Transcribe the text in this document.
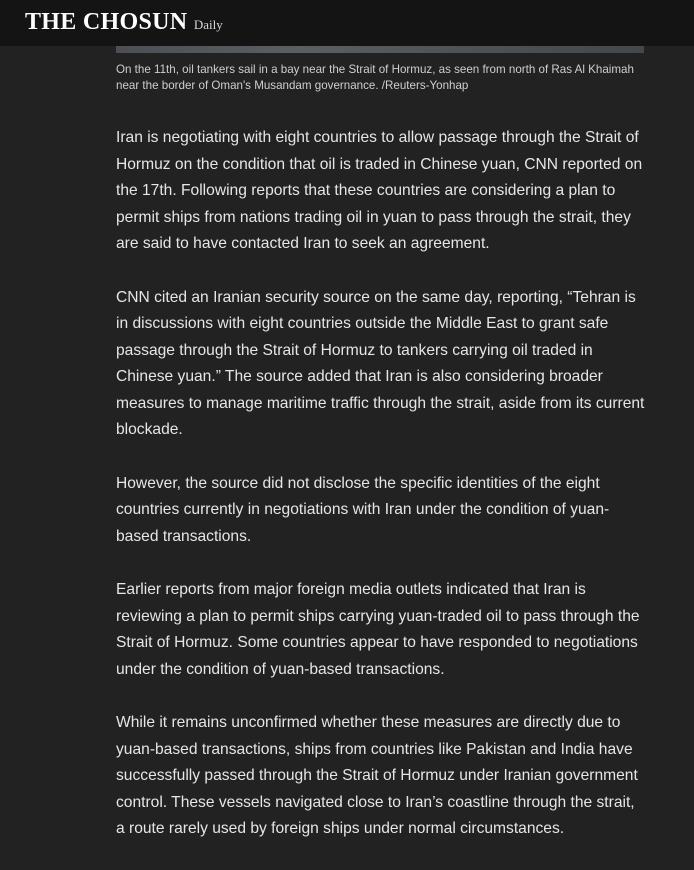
THE CHOSUN Daily

On the 11th, oil tankers sail in a bay near the Strait of Hormuz, as seen from north of Ras Al Khaimah near the border of Oman's Musandam governance. /Reuters-Yonhap

Iran is negotiating with eight countries to allow passage through the Strait of Hormuz on the condition that oil is traded in Chinese yuan, CNN reported on the 17th. Following reports that these countries are considering a plan to permit ships from nations trading oil in yuan to pass through the strait, they are said to have contacted Iran to seek an agreement.

CNN cited an Iranian security source on the same day, reporting, “Tehran is in discussions with eight countries outside the Middle East to grant safe passage through the Strait of Hormuz to tankers carrying oil traded in Chinese yuan.” The source added that Iran is also considering broader measures to manage maritime traffic through the strait, aside from its current blockade.

However, the source did not disclose the specific identities of the eight countries currently in negotiations with Iran under the condition of yuan-based transactions.

Earlier reports from major foreign media outlets indicated that Iran is reviewing a plan to permit ships carrying yuan-traded oil to pass through the Strait of Hormuz. Some countries appear to have responded to negotiations under the condition of yuan-based transactions.

While it remains unconfirmed whether these measures are directly due to yuan-based transactions, ships from countries like Pakistan and India have successfully passed through the Strait of Hormuz under Iranian government control. These vessels navigated close to Iran’s coastline through the strait, a route rarely used by foreign ships under normal circumstances.
